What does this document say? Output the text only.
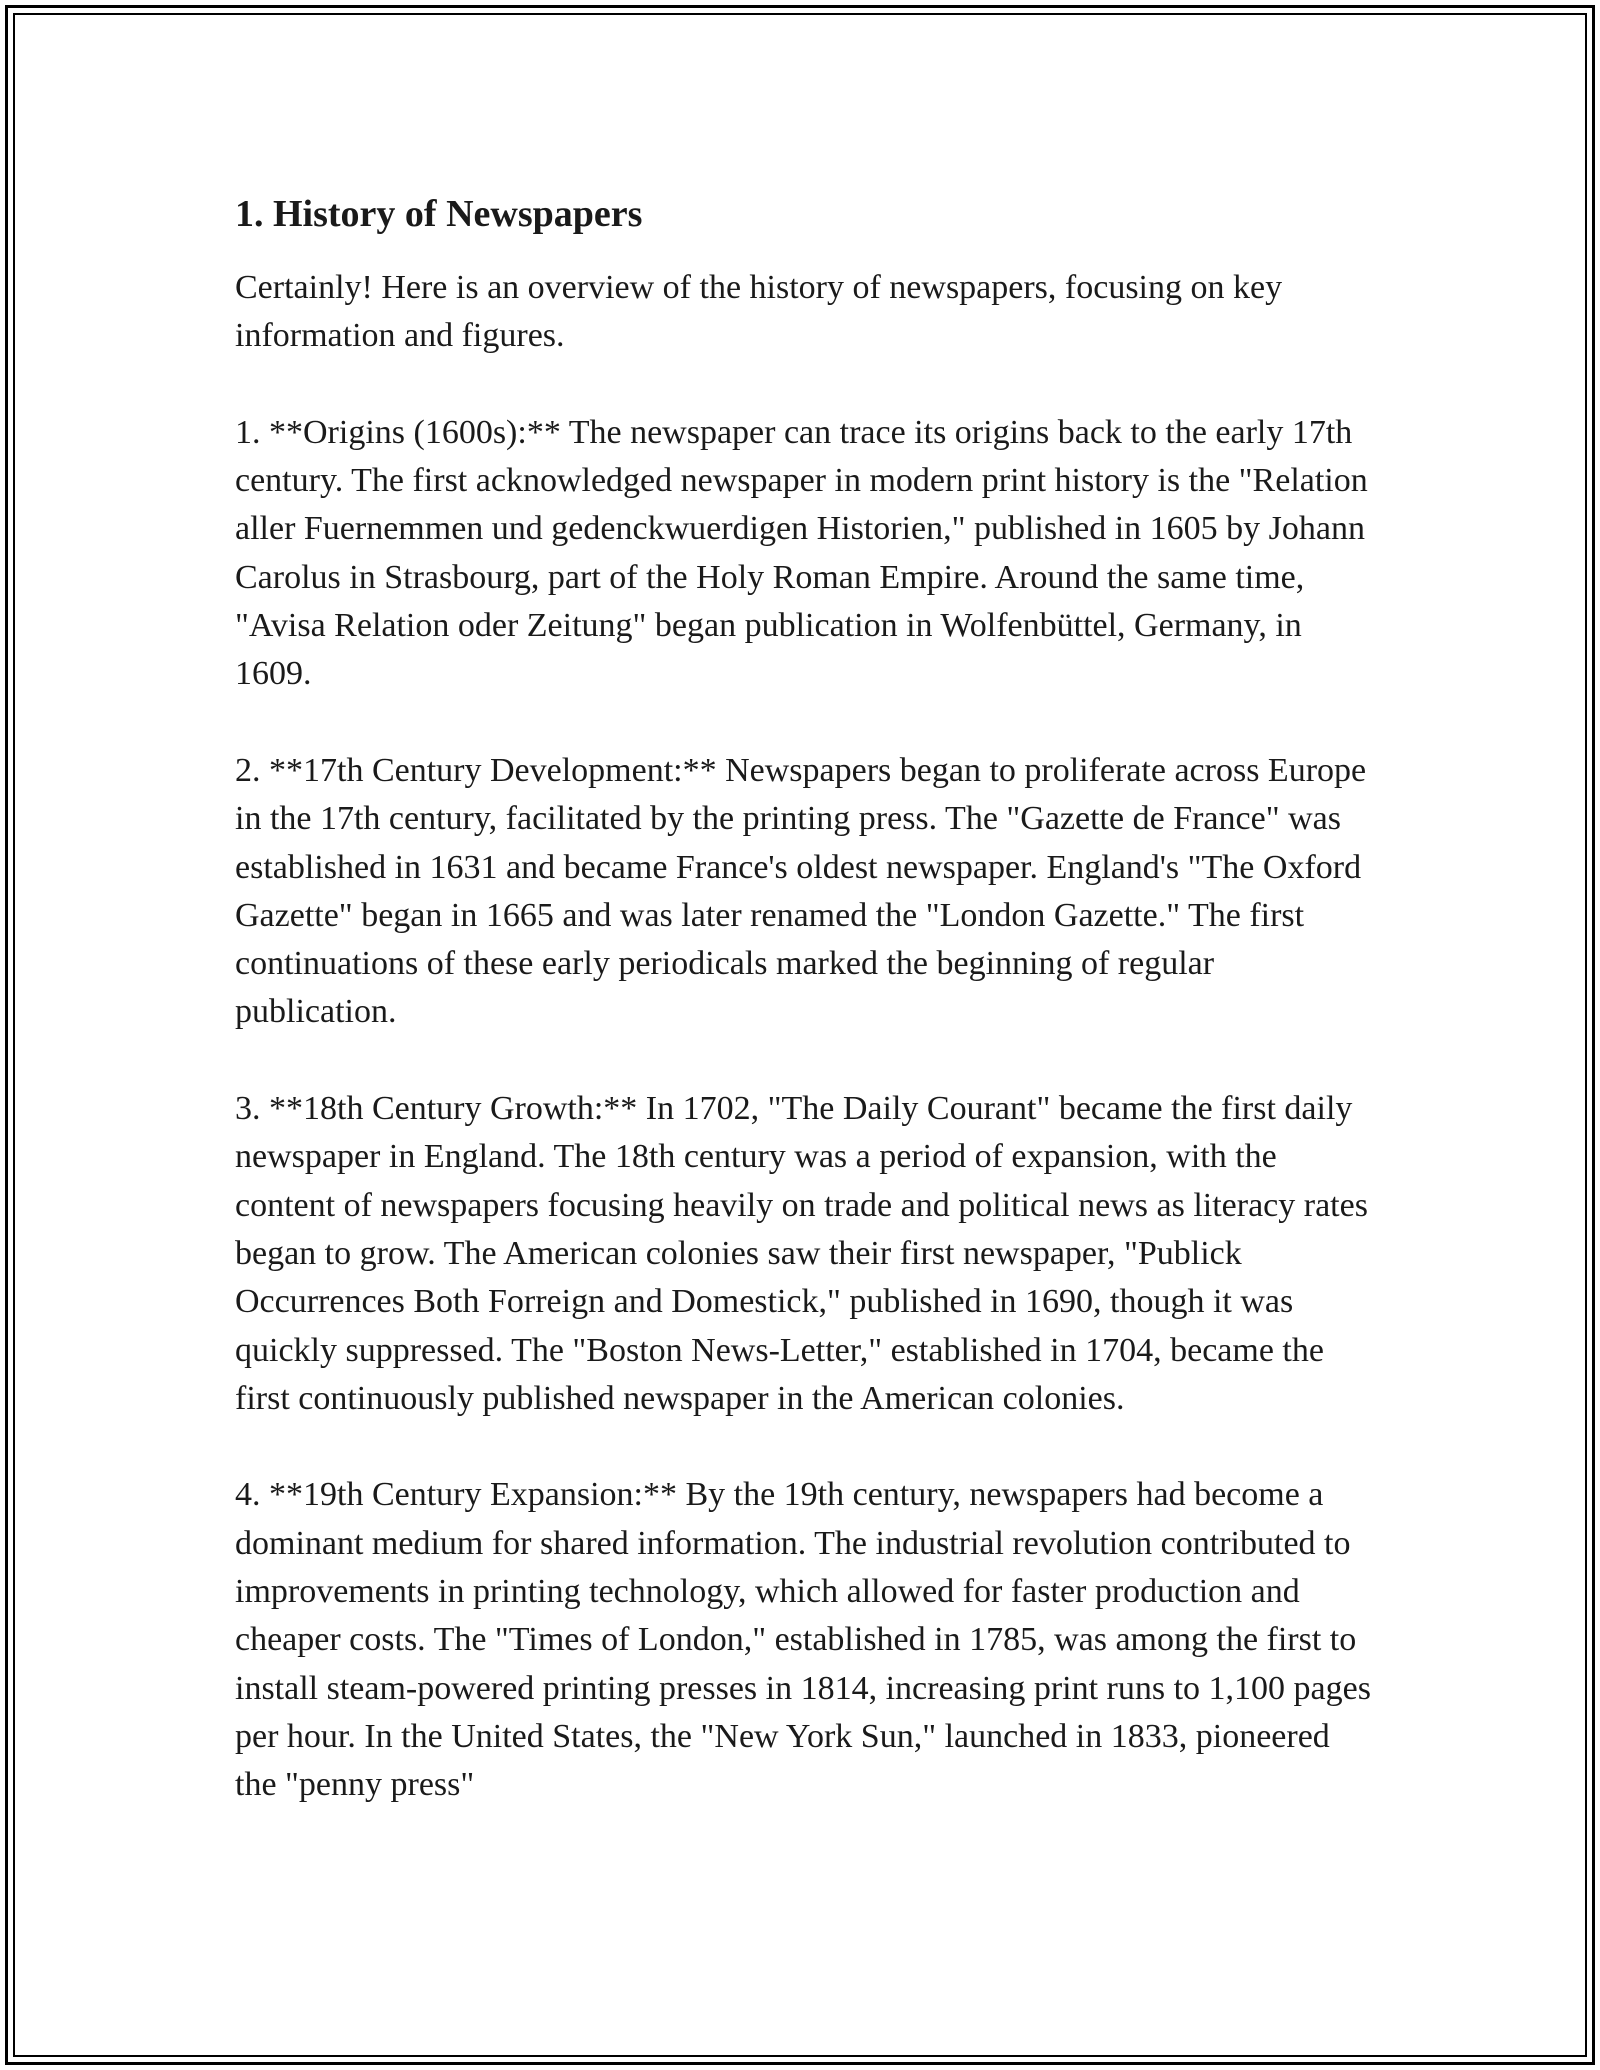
1. History of Newspapers

Certainly! Here is an overview of the history of newspapers, focusing on key information and figures.

1. **Origins (1600s):** The newspaper can trace its origins back to the early 17th century. The first acknowledged newspaper in modern print history is the "Relation aller Fuernemmen und gedenckwuerdigen Historien," published in 1605 by Johann Carolus in Strasbourg, part of the Holy Roman Empire. Around the same time, "Avisa Relation oder Zeitung" began publication in Wolfenbüttel, Germany, in 1609.

2. **17th Century Development:** Newspapers began to proliferate across Europe in the 17th century, facilitated by the printing press. The "Gazette de France" was established in 1631 and became France's oldest newspaper. England's "The Oxford Gazette" began in 1665 and was later renamed the "London Gazette." The first continuations of these early periodicals marked the beginning of regular publication.

3. **18th Century Growth:** In 1702, "The Daily Courant" became the first daily newspaper in England. The 18th century was a period of expansion, with the content of newspapers focusing heavily on trade and political news as literacy rates began to grow. The American colonies saw their first newspaper, "Publick Occurrences Both Forreign and Domestick," published in 1690, though it was quickly suppressed. The "Boston News-Letter," established in 1704, became the first continuously published newspaper in the American colonies.

4. **19th Century Expansion:** By the 19th century, newspapers had become a dominant medium for shared information. The industrial revolution contributed to improvements in printing technology, which allowed for faster production and cheaper costs. The "Times of London," established in 1785, was among the first to install steam-powered printing presses in 1814, increasing print runs to 1,100 pages per hour. In the United States, the "New York Sun," launched in 1833, pioneered the "penny press"
